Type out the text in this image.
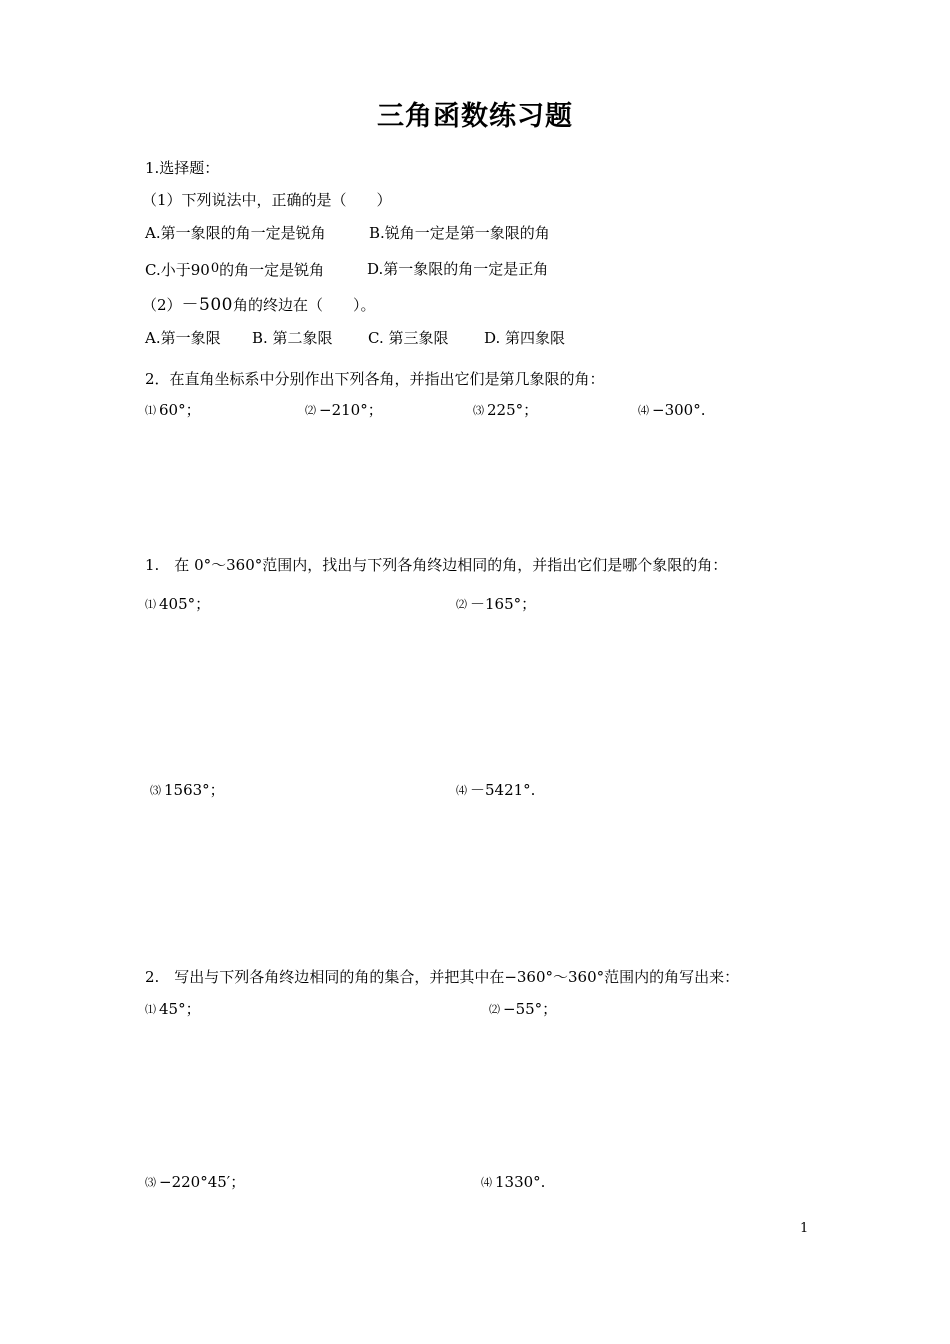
三角函数练习题
1.选择题：
（1）下列说法中，正确的是（　　）
A.第一象限的角一定是锐角	B.锐角一定是第一象限的角
C.小于900的角一定是锐角	D.第一象限的角一定是正角
（2）－500角的终边在（　　）。
A.第一象限 B. 第二象限 C. 第三象限 D. 第四象限
2．在直角坐标系中分别作出下列各角，并指出它们是第几象限的角：
⑴ 60°；	⑵ −210°；	⑶ 225°；	⑷ −300°.
1.　在 0°～360°范围内，找出与下列各角终边相同的角，并指出它们是哪个象限的角：
⑴ 405°；	⑵ －165°；
⑶ 1563°；	⑷ －5421°.
2.　写出与下列各角终边相同的角的集合，并把其中在−360°～360°范围内的角写出来：
⑴ 45°；	⑵ −55°；
⑶ −220°45′；	⑷ 1330°.
1
